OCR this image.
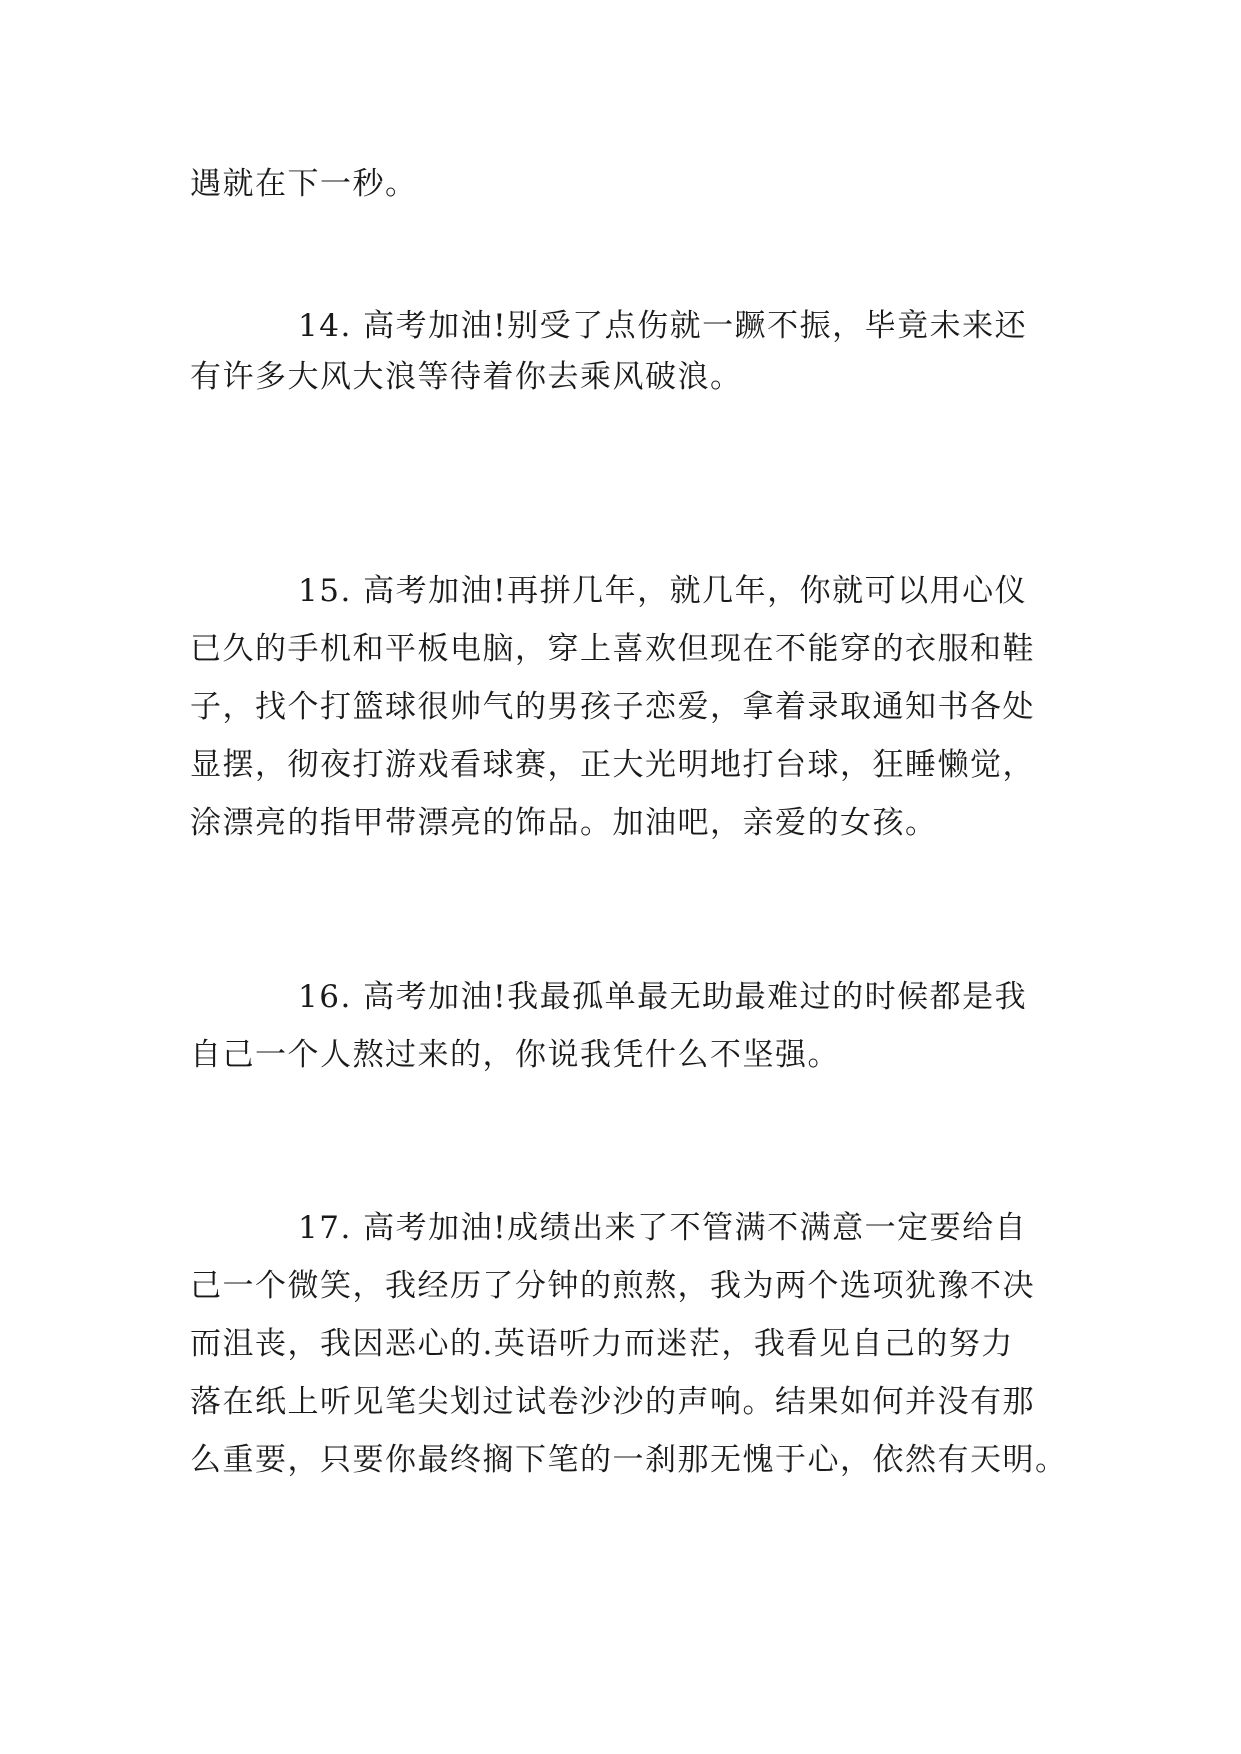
遇就在下一秒。
14. 高考加油!别受了点伤就一蹶不振，毕竟未来还
有许多大风大浪等待着你去乘风破浪。
15. 高考加油!再拼几年，就几年，你就可以用心仪
已久的手机和平板电脑，穿上喜欢但现在不能穿的衣服和鞋
子，找个打篮球很帅气的男孩子恋爱，拿着录取通知书各处
显摆，彻夜打游戏看球赛，正大光明地打台球，狂睡懒觉，
涂漂亮的指甲带漂亮的饰品。加油吧，亲爱的女孩。
16. 高考加油!我最孤单最无助最难过的时候都是我
自己一个人熬过来的，你说我凭什么不坚强。
17. 高考加油!成绩出来了不管满不满意一定要给自
己一个微笑，我经历了分钟的煎熬，我为两个选项犹豫不决
而沮丧，我因恶心的.英语听力而迷茫，我看见自己的努力
落在纸上听见笔尖划过试卷沙沙的声响。结果如何并没有那
么重要，只要你最终搁下笔的一刹那无愧于心，依然有天明。
